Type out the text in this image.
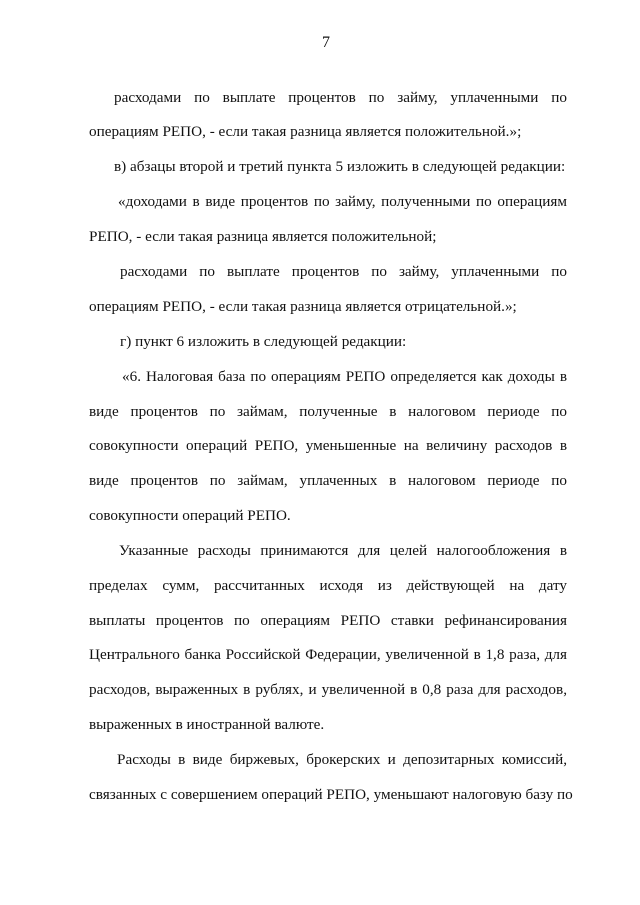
7
расходами по выплате процентов по займу, уплаченными по
операциям РЕПО, - если такая разница является положительной.»;
в) абзацы второй и третий пункта 5 изложить в следующей редакции:
«доходами в виде процентов по займу, полученными по операциям
РЕПО, - если такая разница является положительной;
расходами по выплате процентов по займу, уплаченными по
операциям РЕПО, - если такая разница является отрицательной.»;
г) пункт 6 изложить в следующей редакции:
«6. Налоговая база по операциям РЕПО определяется как доходы в
виде процентов по займам, полученные в налоговом периоде по
совокупности операций РЕПО, уменьшенные на величину расходов в
виде процентов по займам, уплаченных в налоговом периоде по
совокупности операций РЕПО.
Указанные расходы принимаются для целей налогообложения в
пределах сумм, рассчитанных исходя из действующей на дату
выплаты процентов по операциям РЕПО ставки рефинансирования
Центрального банка Российской Федерации, увеличенной в 1,8 раза, для
расходов, выраженных в рублях, и увеличенной в 0,8 раза для расходов,
выраженных в иностранной валюте.
Расходы в виде биржевых, брокерских и депозитарных комиссий,
связанных с совершением операций РЕПО, уменьшают налоговую базу по
